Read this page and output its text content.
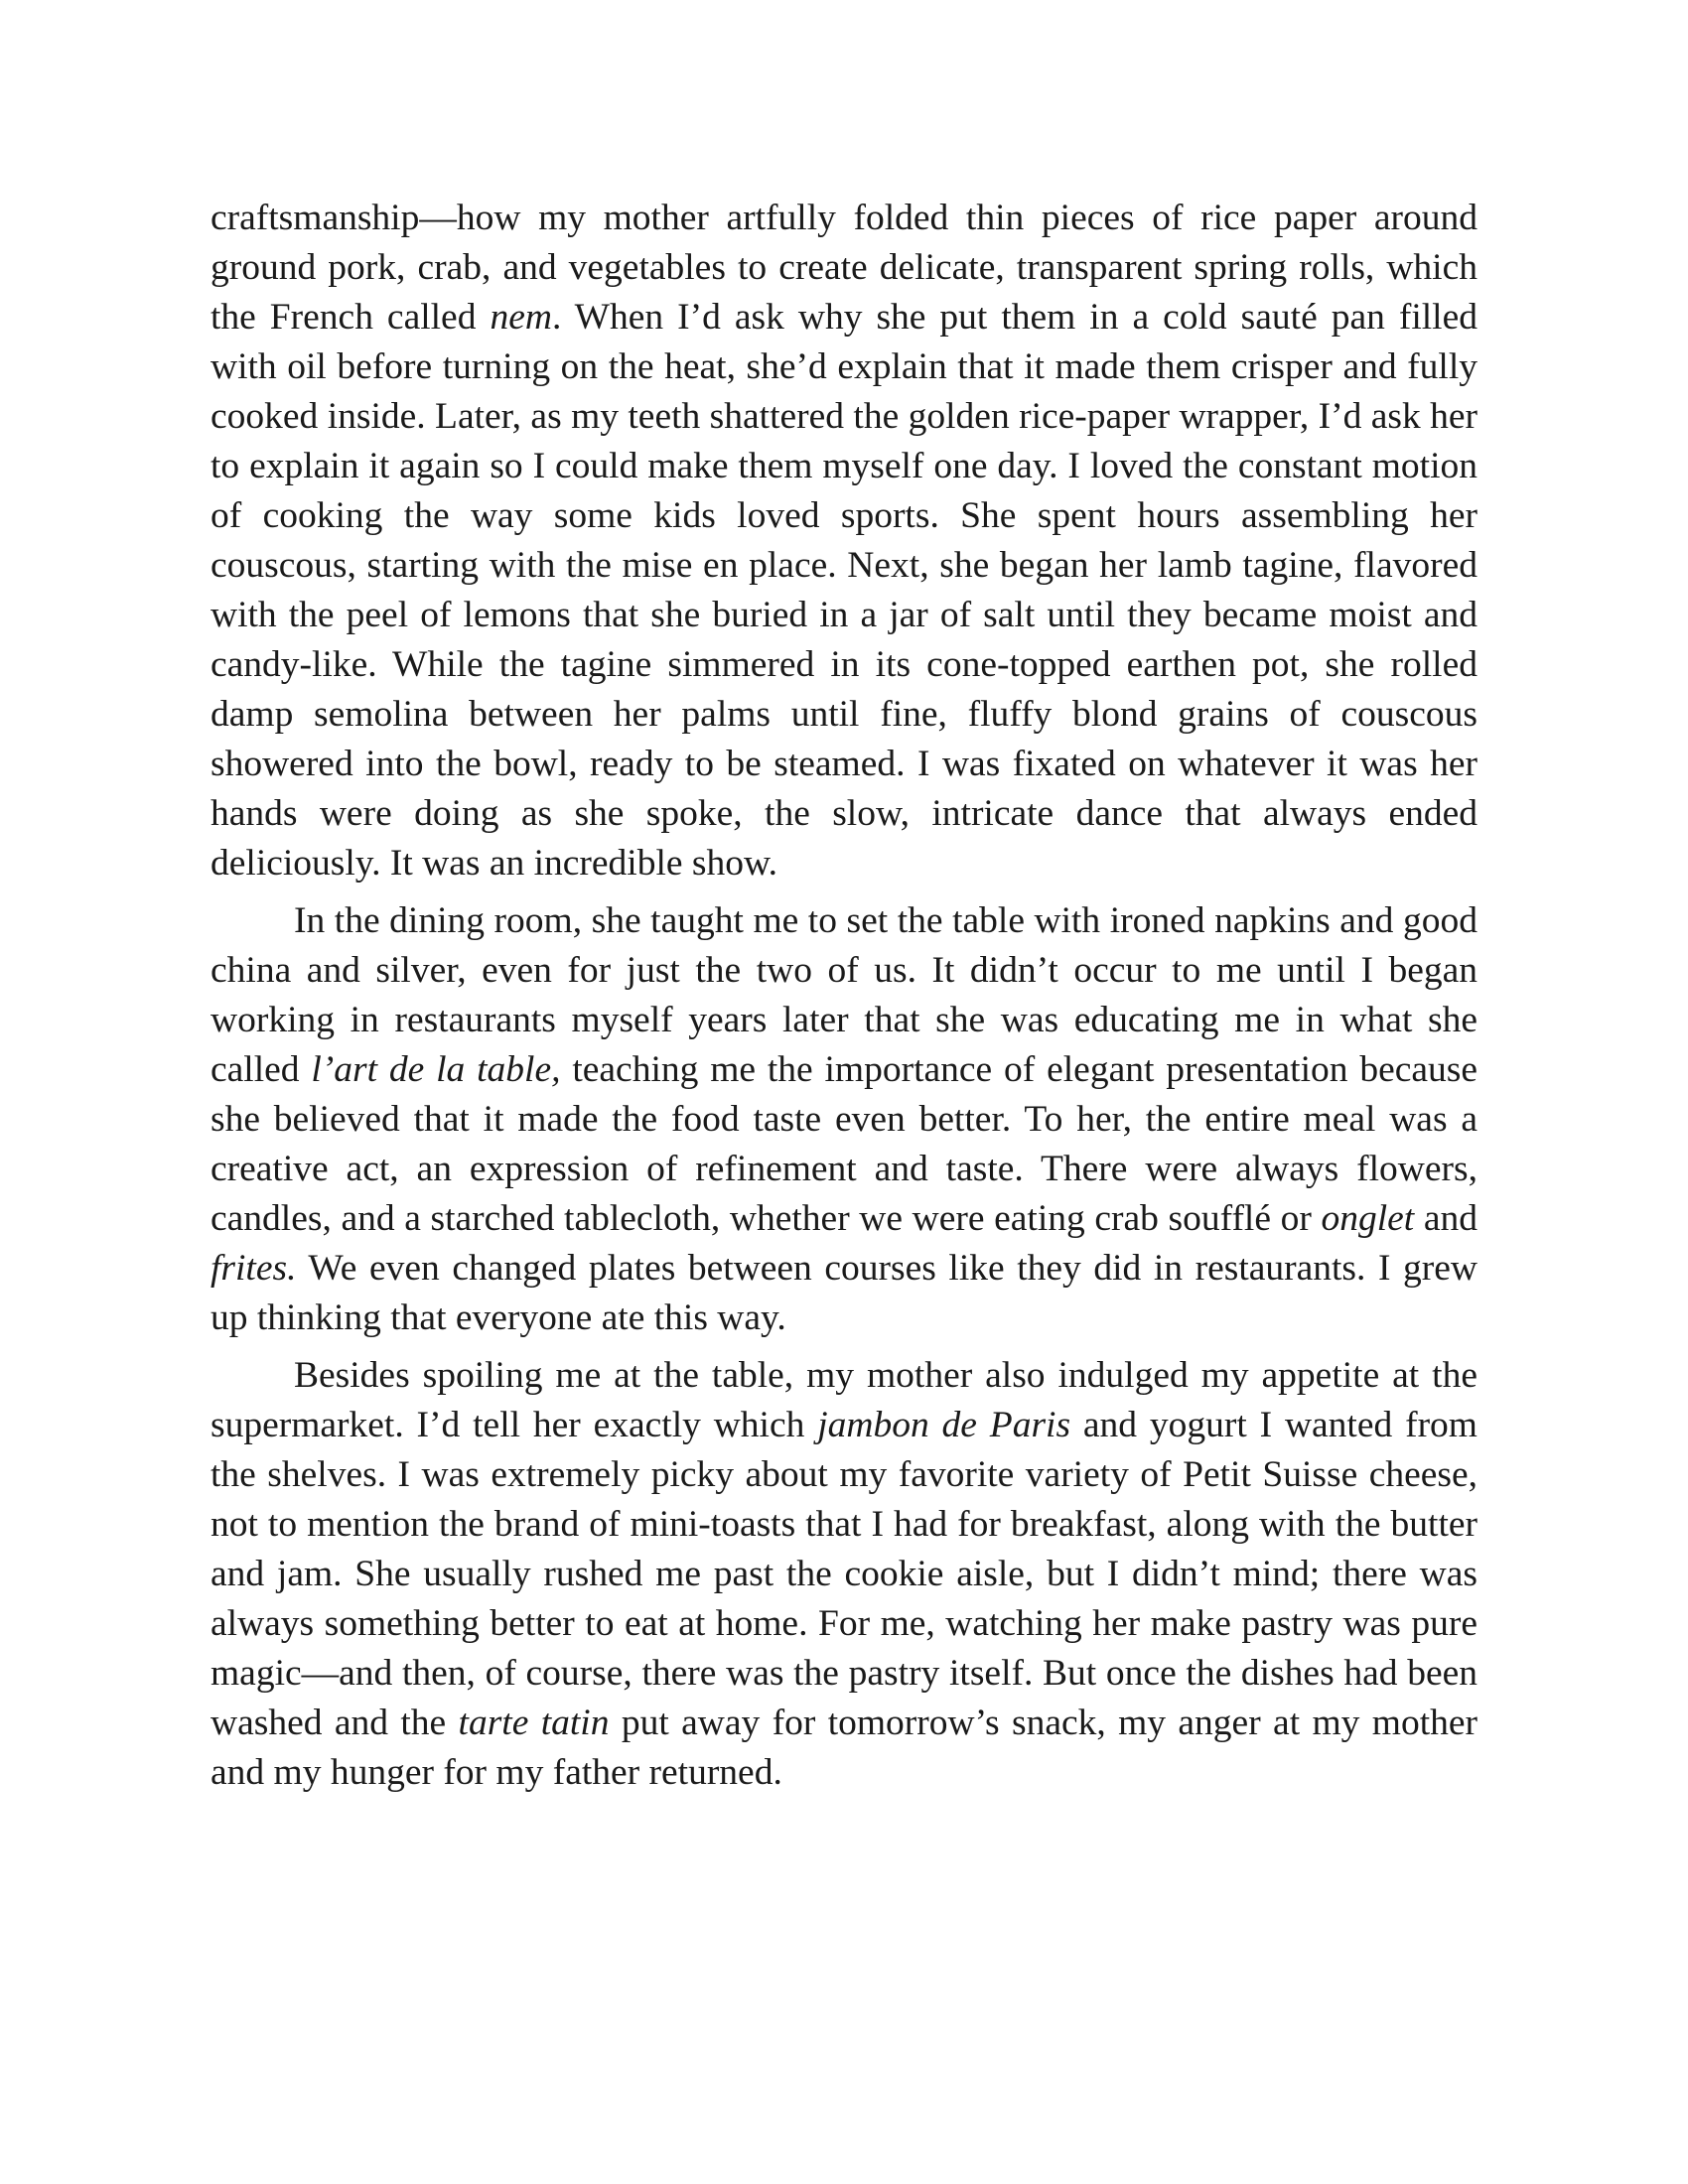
craftsmanship—how my mother artfully folded thin pieces of rice paper around ground pork, crab, and vegetables to create delicate, transparent spring rolls, which the French called nem. When I’d ask why she put them in a cold sauté pan filled with oil before turning on the heat, she’d explain that it made them crisper and fully cooked inside. Later, as my teeth shattered the golden rice-paper wrapper, I’d ask her to explain it again so I could make them myself one day. I loved the constant motion of cooking the way some kids loved sports. She spent hours assembling her couscous, starting with the mise en place. Next, she began her lamb tagine, flavored with the peel of lemons that she buried in a jar of salt until they became moist and candy-like. While the tagine simmered in its cone-topped earthen pot, she rolled damp semolina between her palms until fine, fluffy blond grains of couscous showered into the bowl, ready to be steamed. I was fixated on whatever it was her hands were doing as she spoke, the slow, intricate dance that always ended deliciously. It was an incredible show.

In the dining room, she taught me to set the table with ironed napkins and good china and silver, even for just the two of us. It didn’t occur to me until I began working in restaurants myself years later that she was educating me in what she called l’art de la table, teaching me the importance of elegant presentation because she believed that it made the food taste even better. To her, the entire meal was a creative act, an expression of refinement and taste. There were always flowers, candles, and a starched tablecloth, whether we were eating crab soufflé or onglet and frites. We even changed plates between courses like they did in restaurants. I grew up thinking that everyone ate this way.

Besides spoiling me at the table, my mother also indulged my appetite at the supermarket. I’d tell her exactly which jambon de Paris and yogurt I wanted from the shelves. I was extremely picky about my favorite variety of Petit Suisse cheese, not to mention the brand of mini-toasts that I had for breakfast, along with the butter and jam. She usually rushed me past the cookie aisle, but I didn’t mind; there was always something better to eat at home. For me, watching her make pastry was pure magic—and then, of course, there was the pastry itself. But once the dishes had been washed and the tarte tatin put away for tomorrow’s snack, my anger at my mother and my hunger for my father returned.
